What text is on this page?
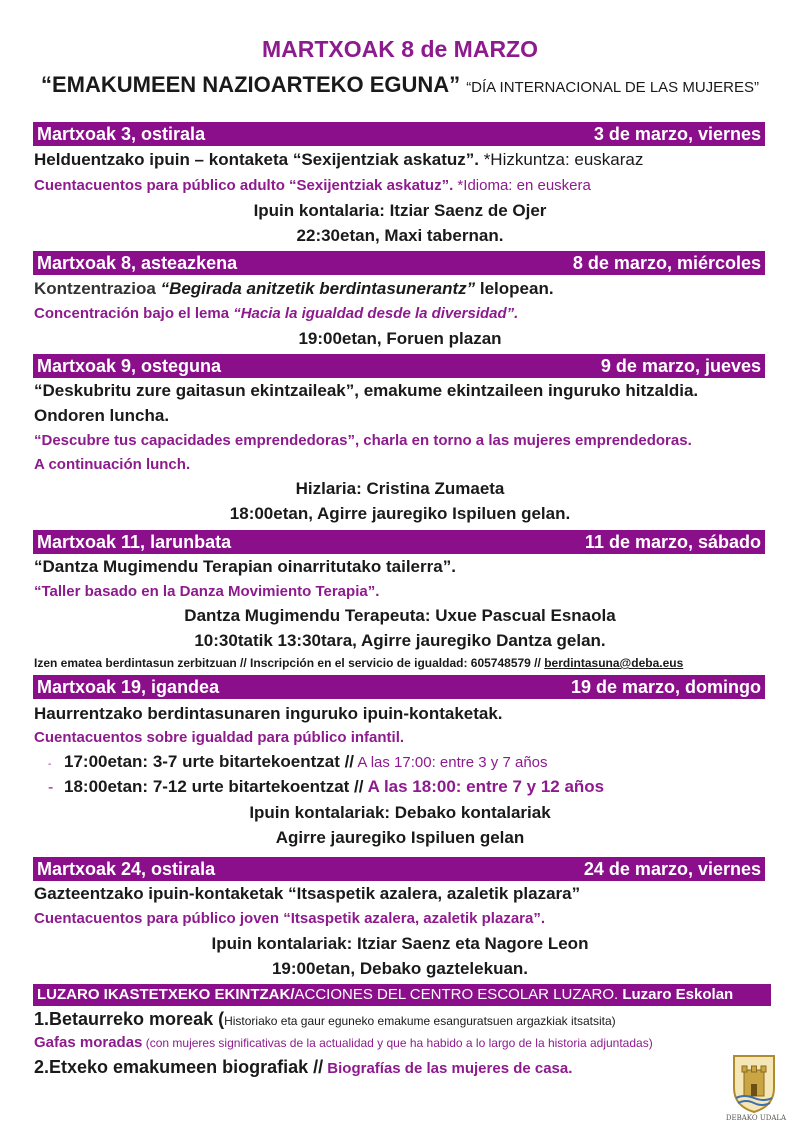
MARTXOAK 8 de MARZO
“EMAKUMEEN NAZIOARTEKO EGUNA” “DÍA INTERNACIONAL DE LAS MUJERES”
Martxoak 3, ostirala	3 de marzo, viernes
Helduentzako ipuin – kontaketa “Sexijentziak askatuz”. *Hizkuntza: euskaraz
Cuentacuentos para público adulto “Sexijentziak askatuz”. *Idioma: en euskera
Ipuin kontalaria: Itziar Saenz de Ojer
22:30etan, Maxi tabernan.
Martxoak 8, asteazkena	8 de marzo, miércoles
Kontzentrazioa “Begirada anitzetik berdintasunerantz” lelopean.
Concentración bajo el lema “Hacia la igualdad desde la diversidad”.
19:00etan, Foruen plazan
Martxoak 9, osteguna	9 de marzo, jueves
“Deskubritu zure gaitasun ekintzaileak”, emakume ekintzaileen inguruko hitzaldia.
Ondoren luncha.
“Descubre tus capacidades emprendedoras”, charla en torno a las mujeres emprendedoras.
A continuación lunch.
Hizlaria: Cristina Zumaeta
18:00etan, Agirre jauregiko Ispiluen gelan.
Martxoak 11, larunbata	11 de marzo, sábado
“Dantza Mugimendu Terapian oinarritutako tailerra”.
“Taller basado en la Danza Movimiento Terapia”.
Dantza Mugimendu Terapeuta: Uxue Pascual Esnaola
10:30tatik 13:30tara, Agirre jauregiko Dantza gelan.
Izen ematea berdintasun zerbitzuan // Inscripción en el servicio de igualdad: 605748579 // berdintasuna@deba.eus
Martxoak 19, igandea	19 de marzo, domingo
Haurrentzako berdintasunaren inguruko ipuin-kontaketak.
Cuentacuentos sobre igualdad para público infantil.
- 17:00etan: 3-7 urte bitartekoentzat // A las 17:00: entre 3 y 7 años
- 18:00etan: 7-12 urte bitartekoentzat // A las 18:00: entre 7 y 12 años
Ipuin kontalariak: Debako kontalariak
Agirre jauregiko Ispiluen gelan
Martxoak 24, ostirala	24 de marzo, viernes
Gazteentzako ipuin-kontaketak “Itsaspetik azalera, azaletik plazara”
Cuentacuentos para público joven “Itsaspetik azalera, azaletik plazara”.
Ipuin kontalariak: Itziar Saenz eta Nagore Leon
19:00etan, Debako gaztelekuan.
LUZARO IKASTETXEKO EKINTZAK/ACCIONES DEL CENTRO ESCOLAR LUZARO. Luzaro Eskolan
1.Betaurreko moreak (Historiako eta gaur eguneko emakume esanguratsuen argazkiak itsatsita)
Gafas moradas (con mujeres significativas de la actualidad y que ha habido a lo largo de la historia adjuntadas)
2.Etxeko emakumeen biografiak // Biografías de las mujeres de casa.
DEBAKO UDALA
